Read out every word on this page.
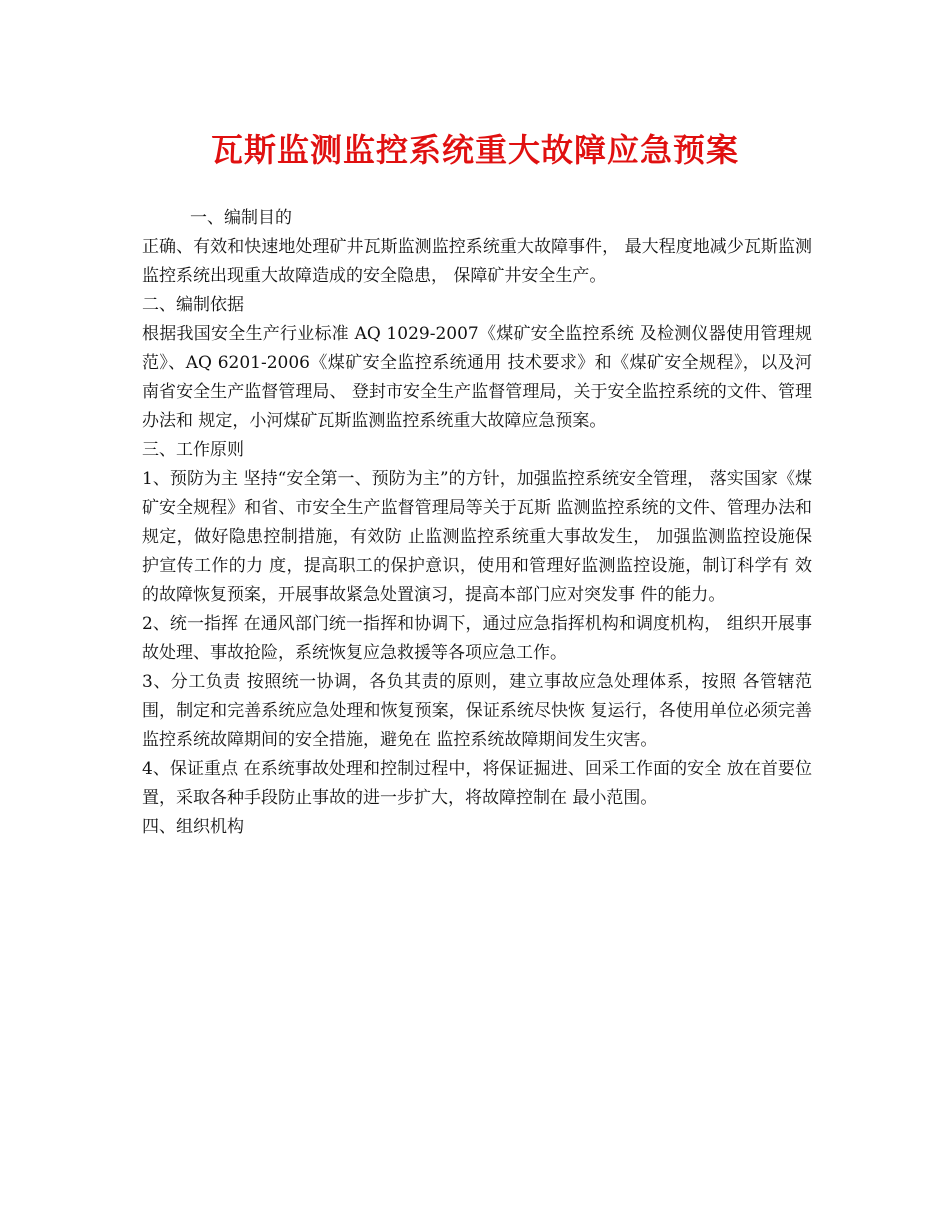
瓦斯监测监控系统重大故障应急预案

一、编制目的

正确、有效和快速地处理矿井瓦斯监测监控系统重大故障事件， 最大程度地减少瓦斯监测监控系统出现重大故障造成的安全隐患， 保障矿井安全生产。

二、编制依据

根据我国安全生产行业标准 AQ 1029-2007《煤矿安全监控系统 及检测仪器使用管理规范》、AQ 6201-2006《煤矿安全监控系统通用 技术要求》和《煤矿安全规程》，以及河南省安全生产监督管理局、 登封市安全生产监督管理局，关于安全监控系统的文件、管理办法和 规定，小河煤矿瓦斯监测监控系统重大故障应急预案。

三、工作原则

1、预防为主 坚持“安全第一、预防为主”的方针，加强监控系统安全管理， 落实国家《煤矿安全规程》和省、市安全生产监督管理局等关于瓦斯 监测监控系统的文件、管理办法和规定，做好隐患控制措施，有效防 止监测监控系统重大事故发生， 加强监测监控设施保护宣传工作的力 度，提高职工的保护意识，使用和管理好监测监控设施，制订科学有 效的故障恢复预案，开展事故紧急处置演习，提高本部门应对突发事 件的能力。

2、统一指挥 在通风部门统一指挥和协调下，通过应急指挥机构和调度机构， 组织开展事故处理、事故抢险，系统恢复应急救援等各项应急工作。

3、分工负责 按照统一协调，各负其责的原则，建立事故应急处理体系，按照 各管辖范围，制定和完善系统应急处理和恢复预案，保证系统尽快恢 复运行，各使用单位必须完善监控系统故障期间的安全措施，避免在 监控系统故障期间发生灾害。

4、保证重点 在系统事故处理和控制过程中，将保证掘进、回采工作面的安全 放在首要位置，采取各种手段防止事故的进一步扩大，将故障控制在 最小范围。

四、组织机构
